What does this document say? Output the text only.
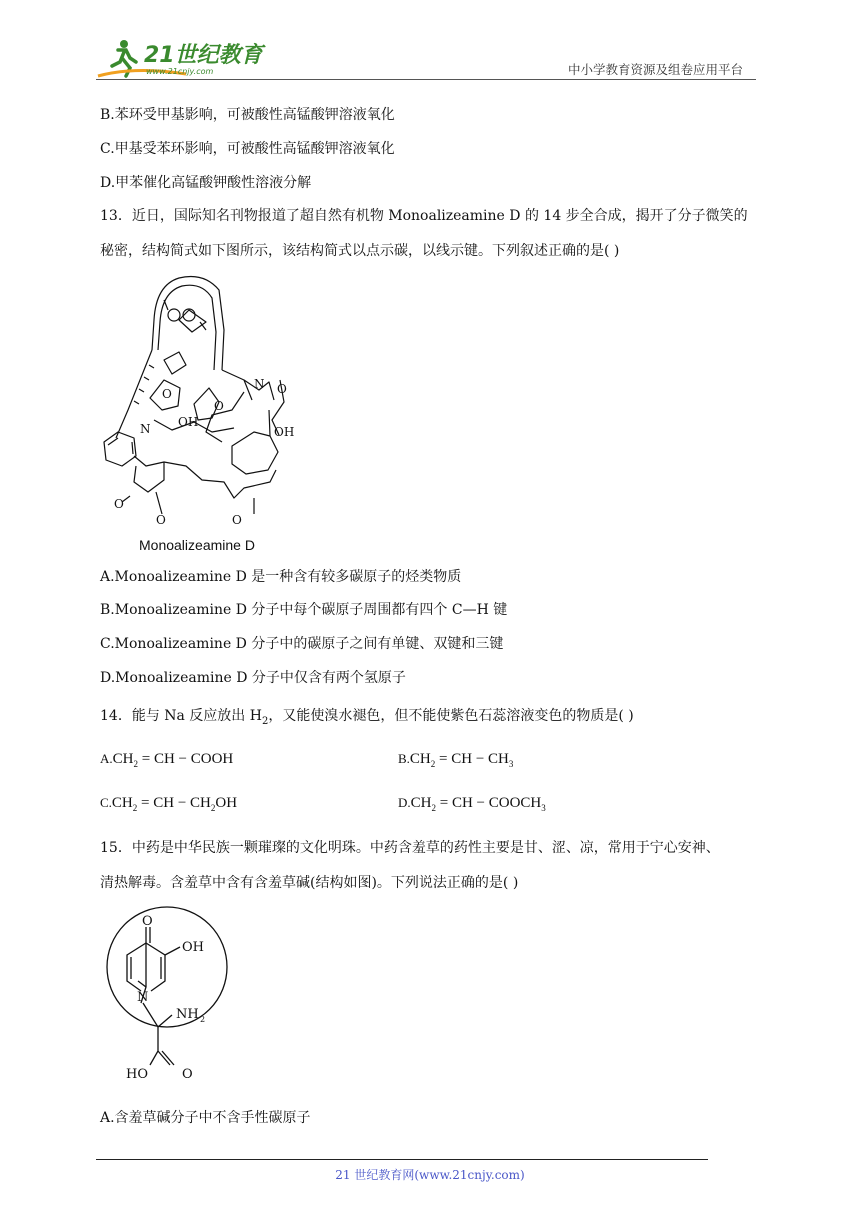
21世纪教育
www.21cnjy.com	中小学教育资源及组卷应用平台
B.苯环受甲基影响，可被酸性高锰酸钾溶液氧化
C.甲基受苯环影响，可被酸性高锰酸钾溶液氧化
D.甲苯催化高锰酸钾酸性溶液分解
13．近日，国际知名刊物报道了超自然有机物 Monoalizeamine D 的 14 步全合成，揭开了分子微笑的
秘密，结构简式如下图所示，该结构简式以点示碳，以线示键。下列叙述正确的是( )
N
N
O
O
O
O
O	O
OH
OH
Monoalizeamine D
A.Monoalizeamine D 是一种含有较多碳原子的烃类物质
B.Monoalizeamine D 分子中每个碳原子周围都有四个 C—H 键
C.Monoalizeamine D 分子中的碳原子之间有单键、双键和三键
D.Monoalizeamine D 分子中仅含有两个氢原子
14．能与 Na 反应放出 $H_2$，又能使溴水褪色，但不能使紫色石蕊溶液变色的物质是( )
$A.CH_2$ = CH − COOH	$B.CH_2$ = CH − $CH_3$
$C.CH_2$ = CH − $CH_2OH$	$D.CH_2$ = CH − $COOCH_3$
15．中药是中华民族一颗璀璨的文化明珠。中药含羞草的药性主要是甘、涩、凉，常用于宁心安神、
清热解毒。含羞草中含有含羞草碱(结构如图)。下列说法正确的是( )
O
OH
N
NH 2
HO	O
A.含羞草碱分子中不含手性碳原子
21 世纪教育网(www.21cnjy.com)
